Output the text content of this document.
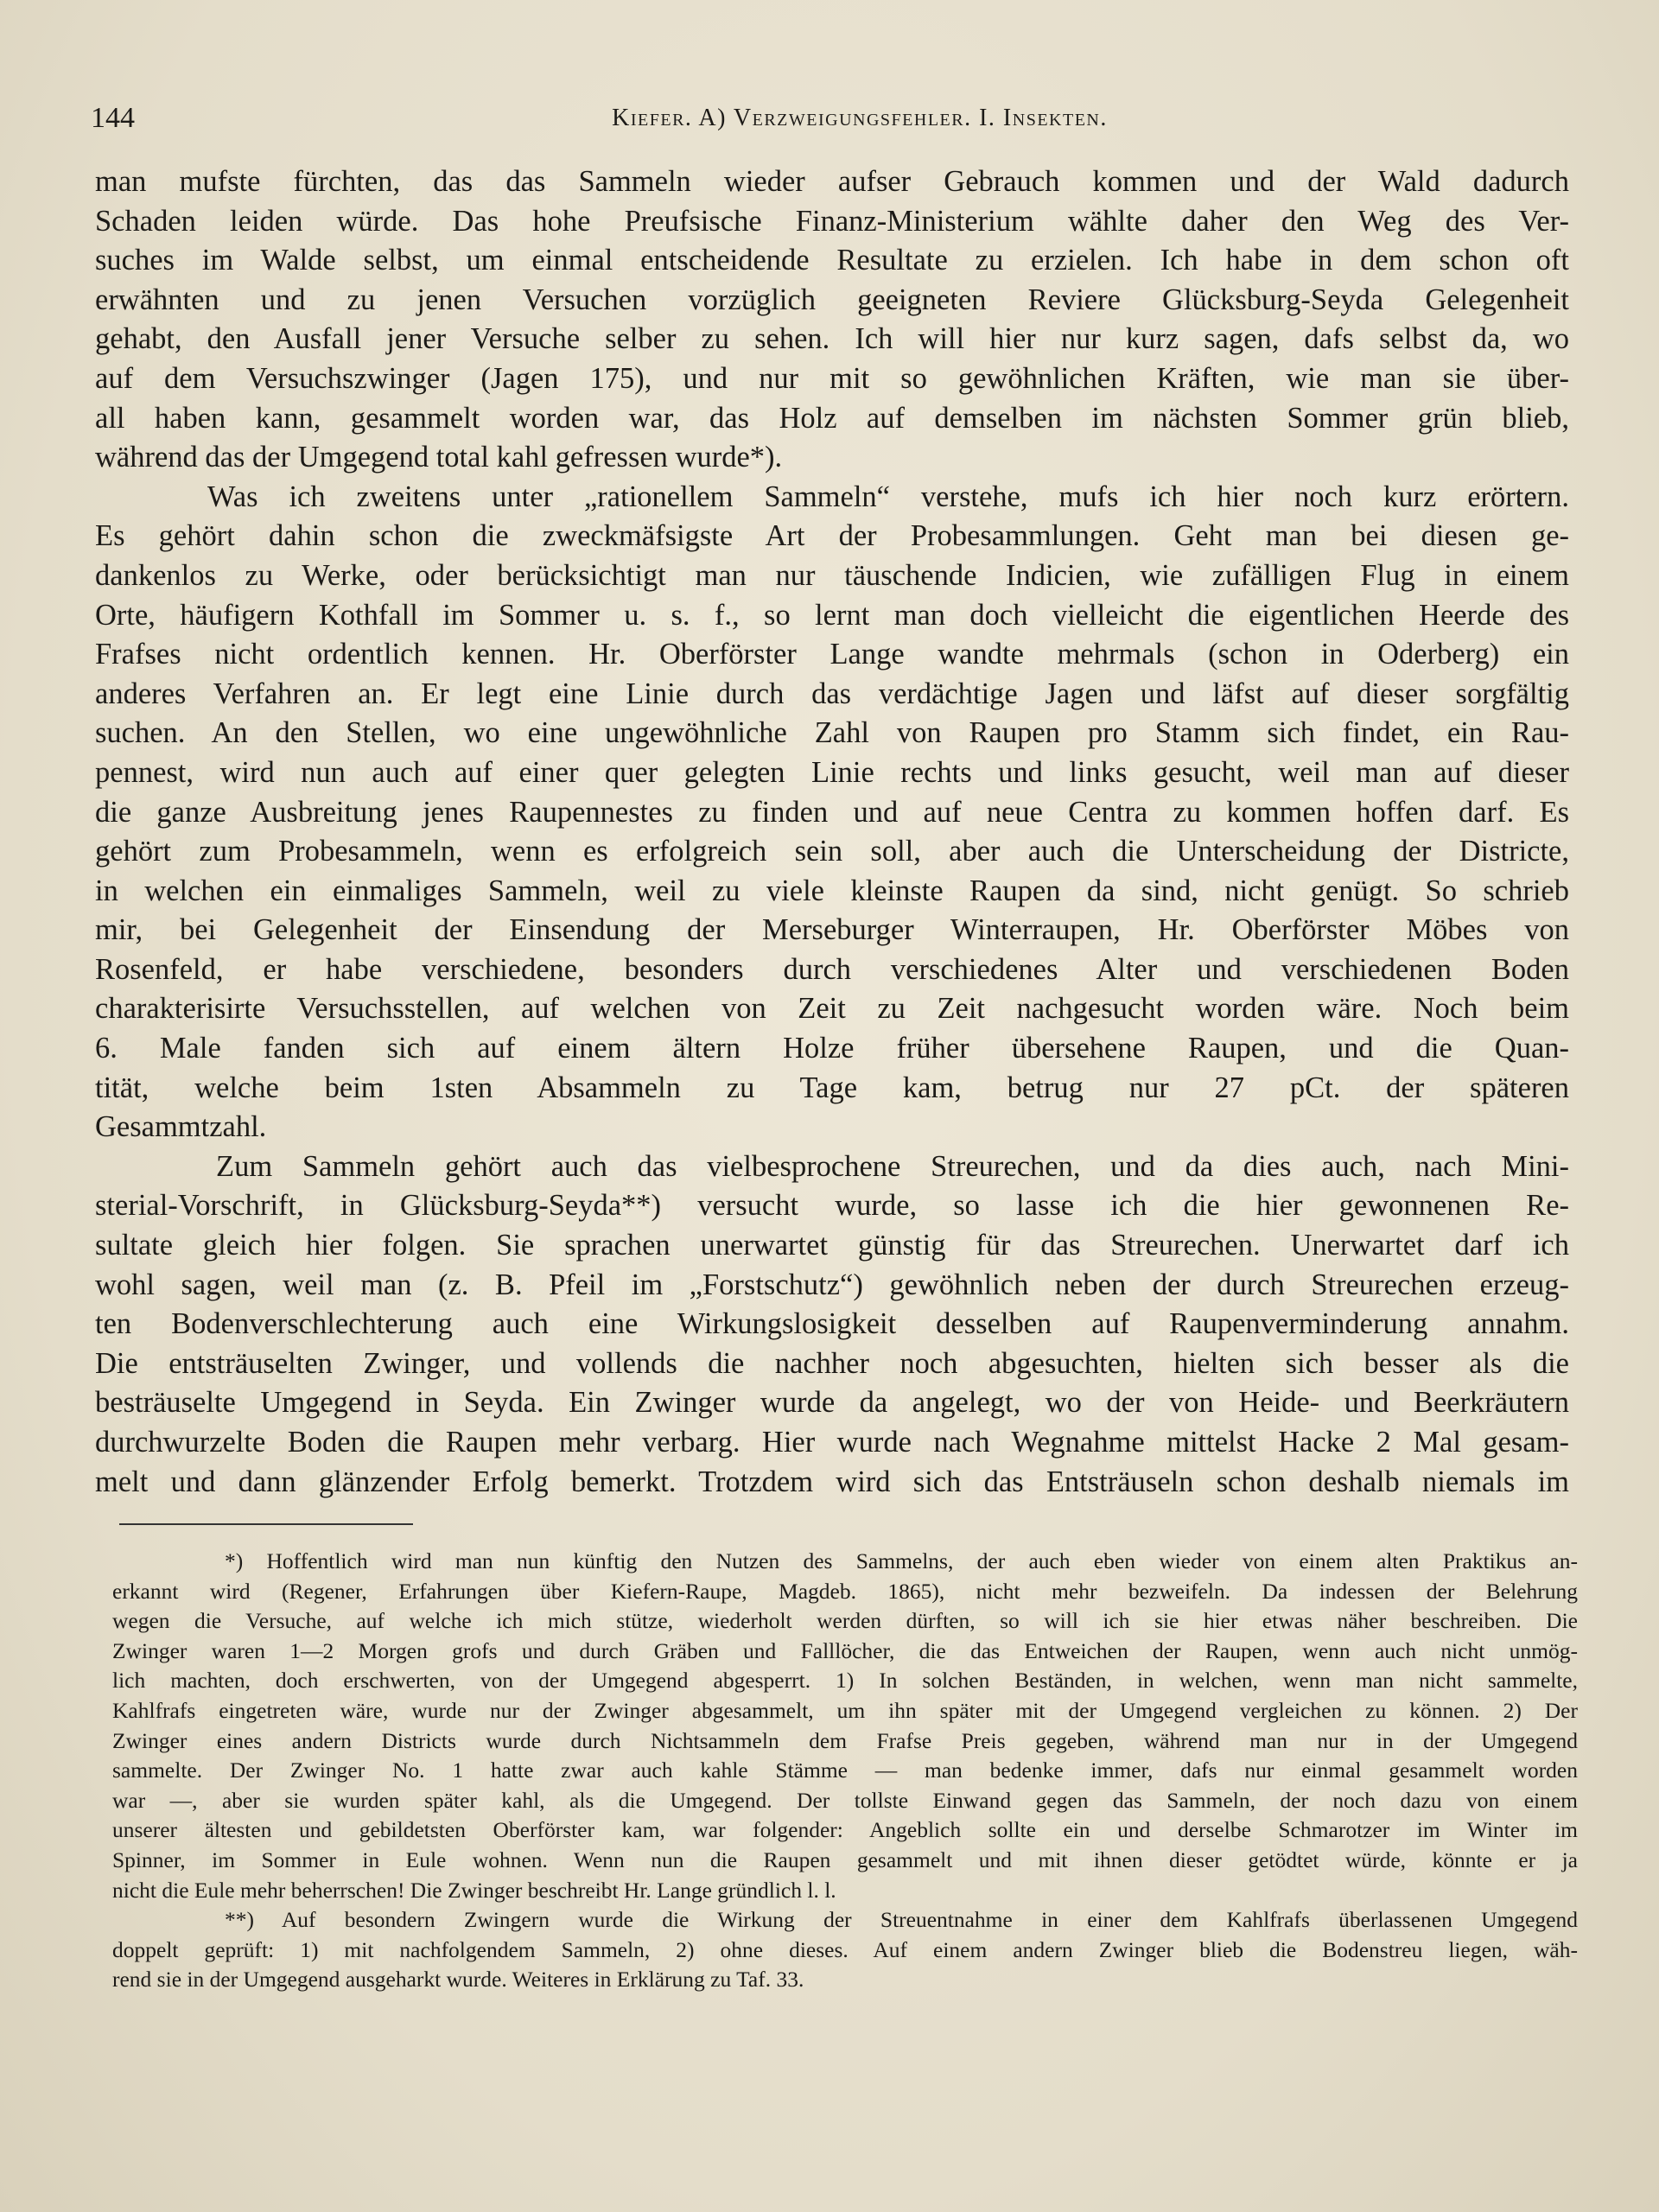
144	Kiefer. A) Verzweigungsfehler. I. Insekten.
man mufste fürchten, das das Sammeln wieder aufser Gebrauch kommen und der Wald dadurch
Schaden leiden würde. Das hohe Preufsische Finanz-Ministerium wählte daher den Weg des Ver-
suches im Walde selbst, um einmal entscheidende Resultate zu erzielen. Ich habe in dem schon oft
erwähnten und zu jenen Versuchen vorzüglich geeigneten Reviere Glücksburg-Seyda Gelegenheit
gehabt, den Ausfall jener Versuche selber zu sehen. Ich will hier nur kurz sagen, dafs selbst da, wo
auf dem Versuchszwinger (Jagen 175), und nur mit so gewöhnlichen Kräften, wie man sie über-
all haben kann, gesammelt worden war, das Holz auf demselben im nächsten Sommer grün blieb,
während das der Umgegend total kahl gefressen wurde*).
Was ich zweitens unter „rationellem Sammeln“ verstehe, mufs ich hier noch kurz erörtern.
Es gehört dahin schon die zweckmäfsigste Art der Probesammlungen. Geht man bei diesen ge-
dankenlos zu Werke, oder berücksichtigt man nur täuschende Indicien, wie zufälligen Flug in einem
Orte, häufigern Kothfall im Sommer u. s. f., so lernt man doch vielleicht die eigentlichen Heerde des
Frafses nicht ordentlich kennen. Hr. Oberförster Lange wandte mehrmals (schon in Oderberg) ein
anderes Verfahren an. Er legt eine Linie durch das verdächtige Jagen und läfst auf dieser sorgfältig
suchen. An den Stellen, wo eine ungewöhnliche Zahl von Raupen pro Stamm sich findet, ein Rau-
pennest, wird nun auch auf einer quer gelegten Linie rechts und links gesucht, weil man auf dieser
die ganze Ausbreitung jenes Raupennestes zu finden und auf neue Centra zu kommen hoffen darf. Es
gehört zum Probesammeln, wenn es erfolgreich sein soll, aber auch die Unterscheidung der Districte,
in welchen ein einmaliges Sammeln, weil zu viele kleinste Raupen da sind, nicht genügt. So schrieb
mir, bei Gelegenheit der Einsendung der Merseburger Winterraupen, Hr. Oberförster Möbes von
Rosenfeld, er habe verschiedene, besonders durch verschiedenes Alter und verschiedenen Boden
charakterisirte Versuchsstellen, auf welchen von Zeit zu Zeit nachgesucht worden wäre. Noch beim
6. Male fanden sich auf einem ältern Holze früher übersehene Raupen, und die Quan-
tität, welche beim 1sten Absammeln zu Tage kam, betrug nur 27 pCt. der späteren
Gesammtzahl.
Zum Sammeln gehört auch das vielbesprochene Streurechen, und da dies auch, nach Mini-
sterial-Vorschrift, in Glücksburg-Seyda**) versucht wurde, so lasse ich die hier gewonnenen Re-
sultate gleich hier folgen. Sie sprachen unerwartet günstig für das Streurechen. Unerwartet darf ich
wohl sagen, weil man (z. B. Pfeil im „Forstschutz“) gewöhnlich neben der durch Streurechen erzeug-
ten Bodenverschlechterung auch eine Wirkungslosigkeit desselben auf Raupenverminderung annahm.
Die entsträuselten Zwinger, und vollends die nachher noch abgesuchten, hielten sich besser als die
besträuselte Umgegend in Seyda. Ein Zwinger wurde da angelegt, wo der von Heide- und Beerkräutern
durchwurzelte Boden die Raupen mehr verbarg. Hier wurde nach Wegnahme mittelst Hacke 2 Mal gesam-
melt und dann glänzender Erfolg bemerkt. Trotzdem wird sich das Entsträuseln schon deshalb niemals im
*) Hoffentlich wird man nun künftig den Nutzen des Sammelns, der auch eben wieder von einem alten Praktikus an-
erkannt wird (Regener, Erfahrungen über Kiefern-Raupe, Magdeb. 1865), nicht mehr bezweifeln. Da indessen der Belehrung
wegen die Versuche, auf welche ich mich stütze, wiederholt werden dürften, so will ich sie hier etwas näher beschreiben. Die
Zwinger waren 1—2 Morgen grofs und durch Gräben und Falllöcher, die das Entweichen der Raupen, wenn auch nicht unmög-
lich machten, doch erschwerten, von der Umgegend abgesperrt. 1) In solchen Beständen, in welchen, wenn man nicht sammelte,
Kahlfrafs eingetreten wäre, wurde nur der Zwinger abgesammelt, um ihn später mit der Umgegend vergleichen zu können. 2) Der
Zwinger eines andern Districts wurde durch Nichtsammeln dem Frafse Preis gegeben, während man nur in der Umgegend
sammelte. Der Zwinger No. 1 hatte zwar auch kahle Stämme — man bedenke immer, dafs nur einmal gesammelt worden
war —, aber sie wurden später kahl, als die Umgegend. Der tollste Einwand gegen das Sammeln, der noch dazu von einem
unserer ältesten und gebildetsten Oberförster kam, war folgender: Angeblich sollte ein und derselbe Schmarotzer im Winter im
Spinner, im Sommer in Eule wohnen. Wenn nun die Raupen gesammelt und mit ihnen dieser getödtet würde, könnte er ja
nicht die Eule mehr beherrschen! Die Zwinger beschreibt Hr. Lange gründlich l. l.
**) Auf besondern Zwingern wurde die Wirkung der Streuentnahme in einer dem Kahlfrafs überlassenen Umgegend
doppelt geprüft: 1) mit nachfolgendem Sammeln, 2) ohne dieses. Auf einem andern Zwinger blieb die Bodenstreu liegen, wäh-
rend sie in der Umgegend ausgeharkt wurde. Weiteres in Erklärung zu Taf. 33.
